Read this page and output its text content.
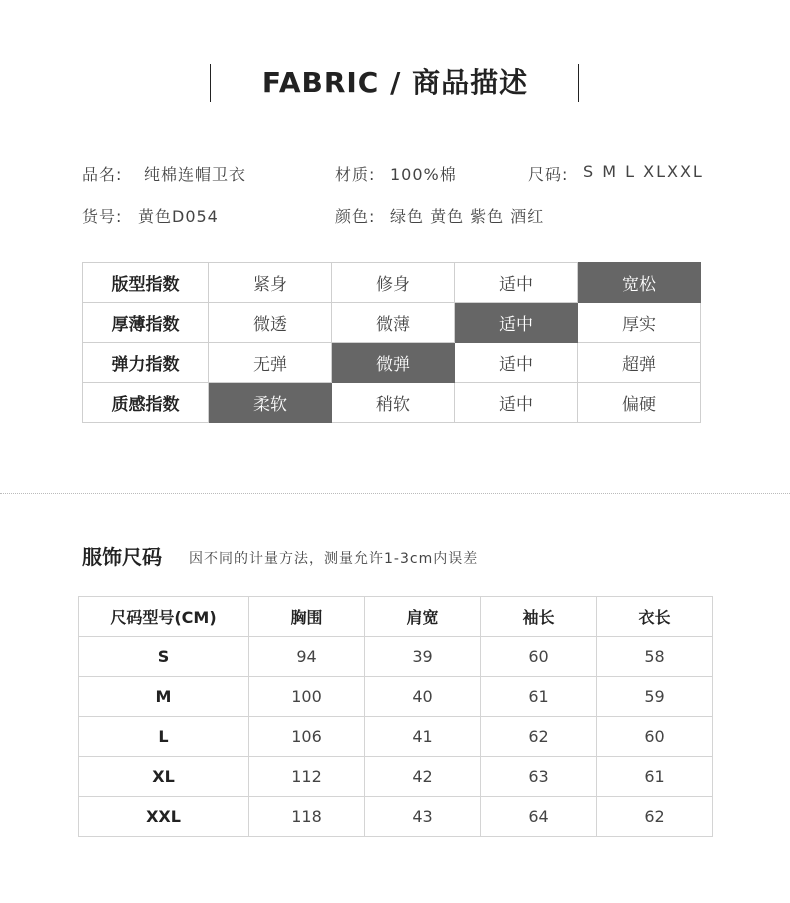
FABRIC / 商品描述
品名: 纯棉连帽卫衣	材质: 100%棉	尺码: S M L XLXXL
货号: 黄色D054	颜色: 绿色 黄色 紫色 酒红
版型指数	紧身	修身	适中	宽松
厚薄指数	微透	微薄	适中	厚实
弹力指数	无弹	微弹	适中	超弹
质感指数	柔软	稍软	适中	偏硬
服饰尺码 因不同的计量方法，测量允许1-3cm内误差
尺码型号(CM)	胸围	肩宽	袖长	衣长
S	94	39	60	58
M	100	40	61	59
L	106	41	62	60
XL	112	42	63	61
XXL	118	43	64	62
